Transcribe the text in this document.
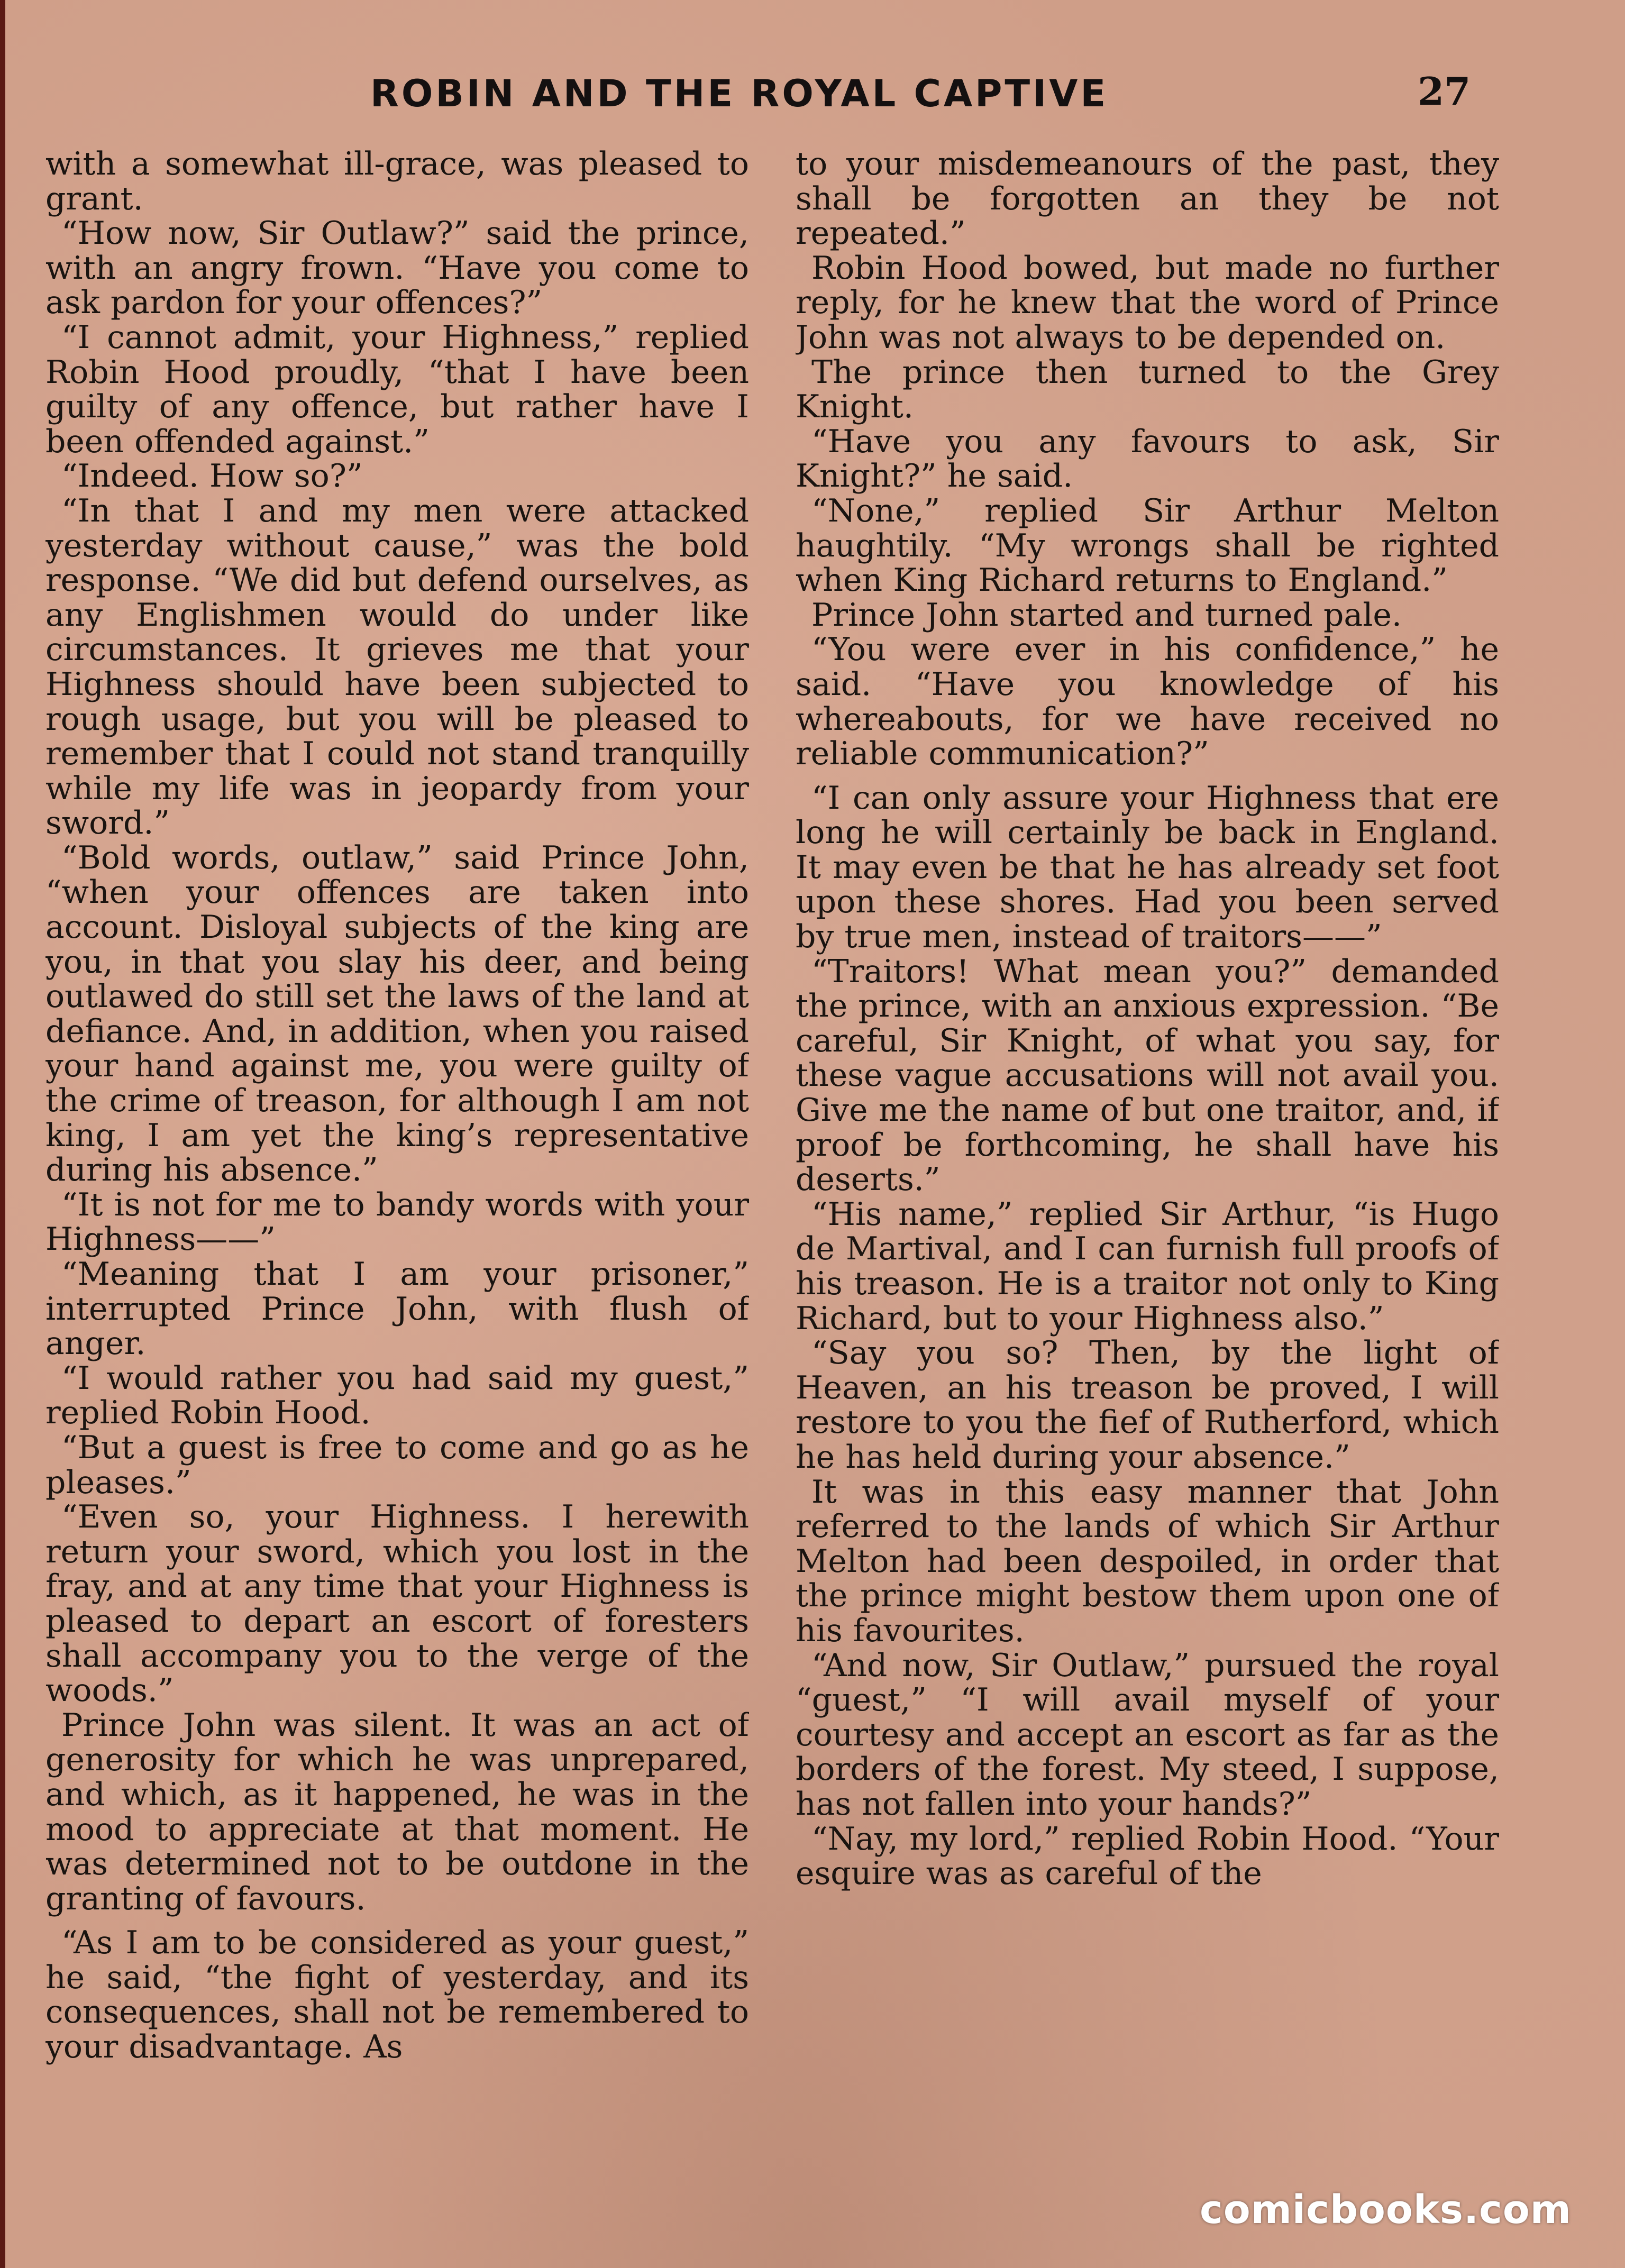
ROBIN AND THE ROYAL CAPTIVE	27

with a somewhat ill-grace, was pleased to grant.

“How now, Sir Outlaw?” said the prince, with an angry frown. “Have you come to ask pardon for your offences?”

“I cannot admit, your Highness,” replied Robin Hood proudly, “that I have been guilty of any offence, but rather have I been offended against.”

“Indeed. How so?”

“In that I and my men were attacked yesterday without cause,” was the bold response. “We did but defend ourselves, as any Englishmen would do under like circumstances. It grieves me that your Highness should have been subjected to rough usage, but you will be pleased to remember that I could not stand tranquilly while my life was in jeopardy from your sword.”

“Bold words, outlaw,” said Prince John, “when your offences are taken into account. Disloyal subjects of the king are you, in that you slay his deer, and being outlawed do still set the laws of the land at defiance. And, in addition, when you raised your hand against me, you were guilty of the crime of treason, for although I am not king, I am yet the king’s representative during his absence.”

“It is not for me to bandy words with your Highness——”

“Meaning that I am your prisoner,” interrupted Prince John, with flush of anger.

“I would rather you had said my guest,” replied Robin Hood.

“But a guest is free to come and go as he pleases.”

“Even so, your Highness. I herewith return your sword, which you lost in the fray, and at any time that your Highness is pleased to depart an escort of foresters shall accompany you to the verge of the woods.”

Prince John was silent. It was an act of generosity for which he was unprepared, and which, as it happened, he was in the mood to appreciate at that moment. He was determined not to be outdone in the granting of favours.

“As I am to be considered as your guest,” he said, “the fight of yesterday, and its consequences, shall not be remembered to your disadvantage. As

to your misdemeanours of the past, they shall be forgotten an they be not repeated.”

Robin Hood bowed, but made no further reply, for he knew that the word of Prince John was not always to be depended on.

The prince then turned to the Grey Knight.

“Have you any favours to ask, Sir Knight?” he said.

“None,” replied Sir Arthur Melton haughtily. “My wrongs shall be righted when King Richard returns to England.”

Prince John started and turned pale.

“You were ever in his confidence,” he said. “Have you knowledge of his whereabouts, for we have received no reliable communication?”

“I can only assure your Highness that ere long he will certainly be back in England. It may even be that he has already set foot upon these shores. Had you been served by true men, instead of traitors——”

“Traitors! What mean you?” demanded the prince, with an anxious expression. “Be careful, Sir Knight, of what you say, for these vague accusations will not avail you. Give me the name of but one traitor, and, if proof be forthcoming, he shall have his deserts.”

“His name,” replied Sir Arthur, “is Hugo de Martival, and I can furnish full proofs of his treason. He is a traitor not only to King Richard, but to your Highness also.”

“Say you so? Then, by the light of Heaven, an his treason be proved, I will restore to you the fief of Rutherford, which he has held during your absence.”

It was in this easy manner that John referred to the lands of which Sir Arthur Melton had been despoiled, in order that the prince might bestow them upon one of his favourites.

“And now, Sir Outlaw,” pursued the royal “guest,” “I will avail myself of your courtesy and accept an escort as far as the borders of the forest. My steed, I suppose, has not fallen into your hands?”

“Nay, my lord,” replied Robin Hood. “Your esquire was as careful of the

comicbooks.com
